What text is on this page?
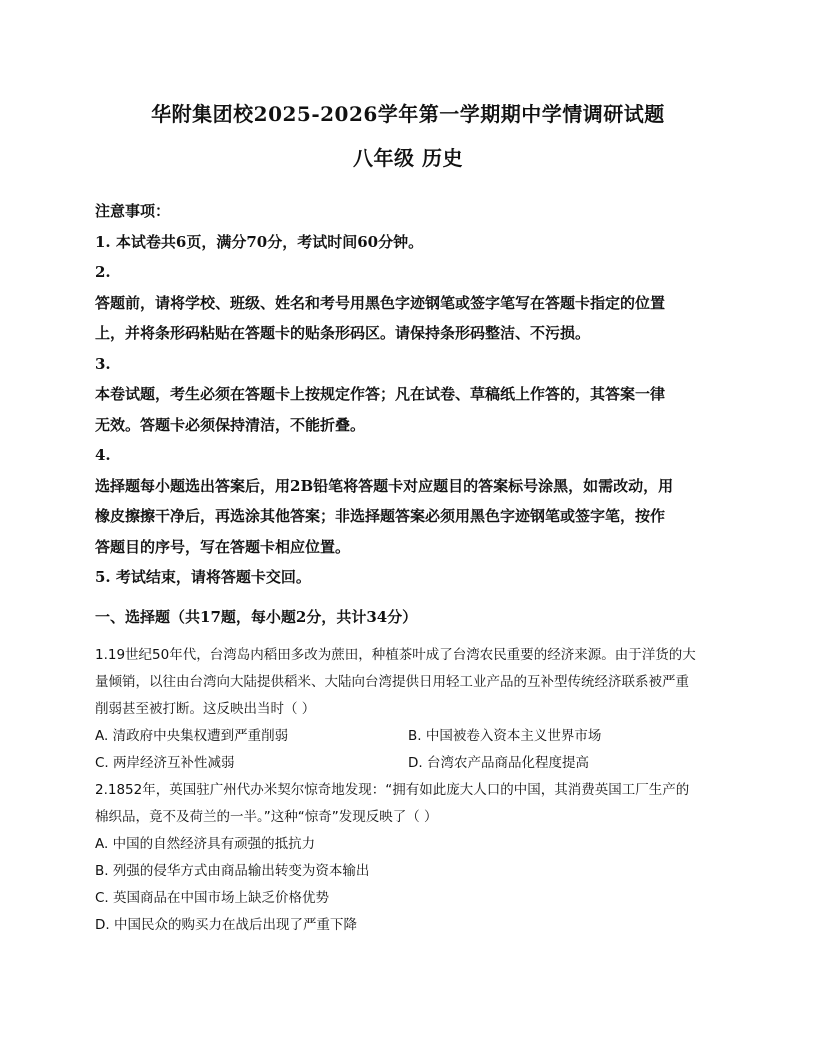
华附集团校2025-2026学年第一学期期中学情调研试题
八年级 历史

注意事项：

1. 本试卷共6页，满分70分，考试时间60分钟。

2.

答题前，请将学校、班级、姓名和考号用黑色字迹钢笔或签字笔写在答题卡指定的位置

上，并将条形码粘贴在答题卡的贴条形码区。请保持条形码整洁、不污损。

3.

本卷试题，考生必须在答题卡上按规定作答；凡在试卷、草稿纸上作答的，其答案一律

无效。答题卡必须保持清洁，不能折叠。

4.

选择题每小题选出答案后，用2B铅笔将答题卡对应题目的答案标号涂黑，如需改动，用

橡皮擦擦干净后，再选涂其他答案；非选择题答案必须用黑色字迹钢笔或签字笔，按作

答题目的序号，写在答题卡相应位置。

5. 考试结束，请将答题卡交回。

一、选择题（共17题，每小题2分，共计34分）

1.19世纪50年代，台湾岛内稻田多改为蔗田，种植茶叶成了台湾农民重要的经济来源。由于洋货的大

量倾销，以往由台湾向大陆提供稻米、大陆向台湾提供日用轻工业产品的互补型传统经济联系被严重

削弱甚至被打断。这反映出当时（ ）

A. 清政府中央集权遭到严重削弱	B. 中国被卷入资本主义世界市场
C. 两岸经济互补性减弱	D. 台湾农产品商品化程度提高

2.1852年，英国驻广州代办米契尔惊奇地发现：“拥有如此庞大人口的中国，其消费英国工厂生产的

棉织品，竟不及荷兰的一半。”这种“惊奇”发现反映了（ ）

A. 中国的自然经济具有顽强的抵抗力

B. 列强的侵华方式由商品输出转变为资本输出

C. 英国商品在中国市场上缺乏价格优势

D. 中国民众的购买力在战后出现了严重下降
